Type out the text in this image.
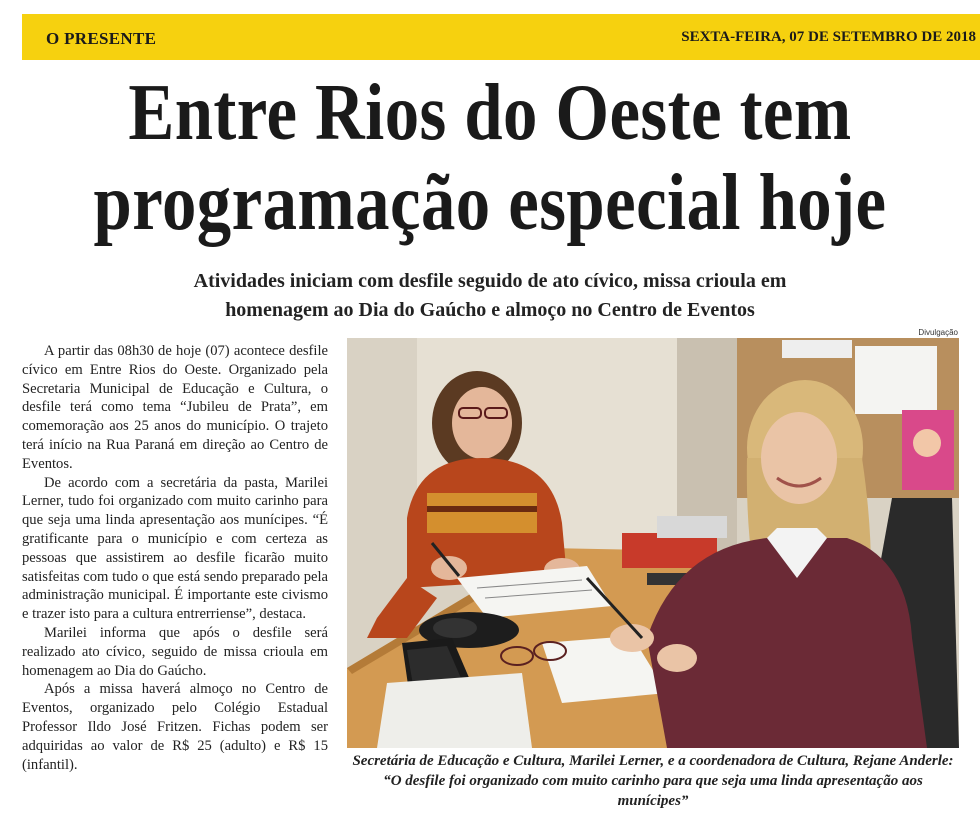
O PRESENTE	SEXTA-FEIRA, 07 DE SETEMBRO DE 2018
Entre Rios do Oeste tem
programação especial hoje
Atividades iniciam com desfile seguido de ato cívico, missa crioula em
homenagem ao Dia do Gaúcho e almoço no Centro de Eventos
Divulgação

A partir das 08h30 de hoje (07) acontece desfile cívico em Entre Rios do Oeste. Organizado pela Secretaria Municipal de Educação e Cultura, o desfile terá como tema “Jubileu de Prata”, em comemoração aos 25 anos do município. O trajeto terá início na Rua Paraná em direção ao Centro de Eventos.

De acordo com a secretária da pasta, Marilei Lerner, tudo foi organizado com muito carinho para que seja uma linda apresentação aos munícipes. “É gratificante para o município e com certeza as pessoas que assistirem ao desfile ficarão muito satisfeitas com tudo o que está sendo preparado pela administração municipal. É importante este civismo e trazer isto para a cultura entrerriense”, destaca.

Marilei informa que após o desfile será realizado ato cívico, seguido de missa crioula em homenagem ao Dia do Gaúcho.

Após a missa haverá almoço no Centro de Eventos, organizado pelo Colégio Estadual Professor Ildo José Fritzen. Fichas podem ser adquiridas ao valor de R$ 25 (adulto) e R$ 15 (infantil).	Secretária de Educação e Cultura, Marilei Lerner, e a coordenadora de Cultura, Rejane Anderle: “O desfile foi organizado com muito carinho para que seja uma linda apresentação aos munícipes”
